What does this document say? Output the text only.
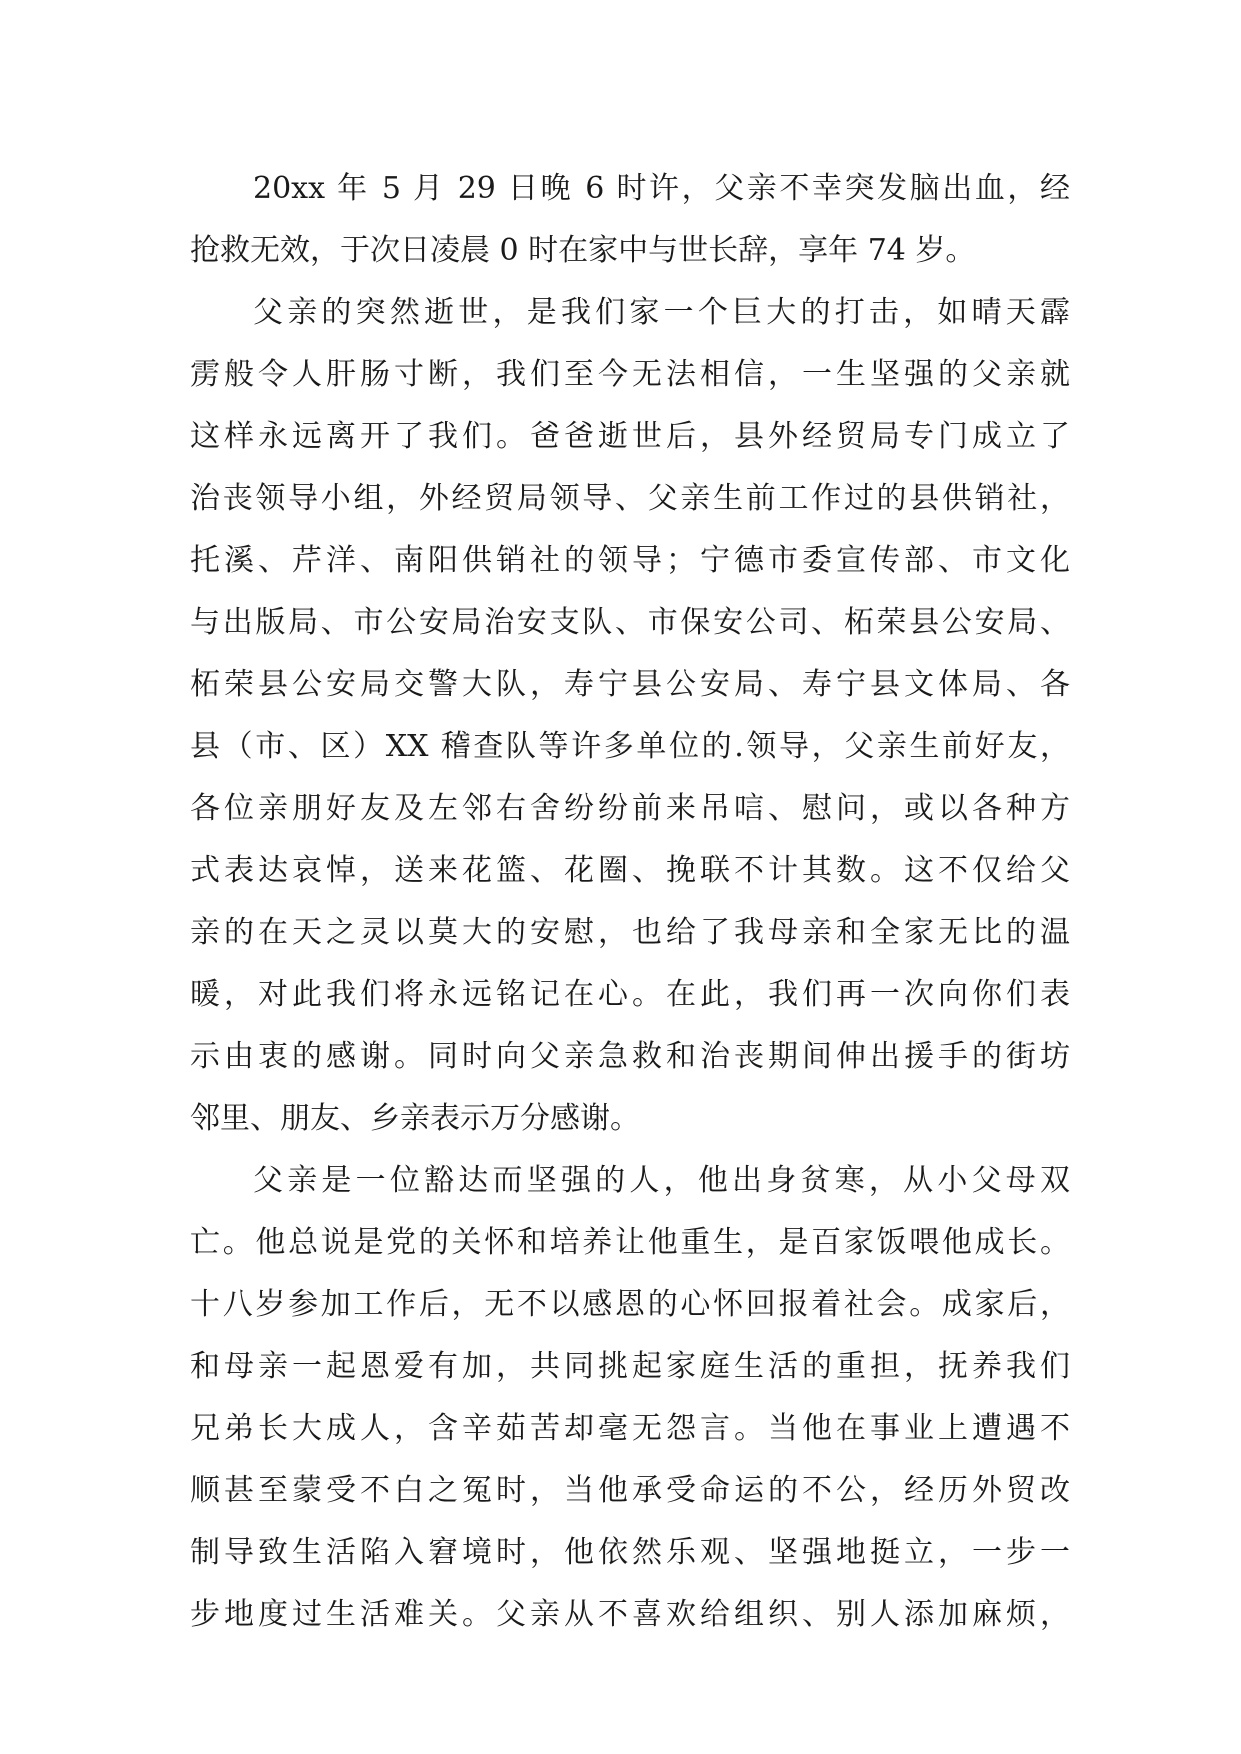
20xx 年 5 月 29 日晚 6 时许，父亲不幸突发脑出血，经
抢救无效，于次日凌晨 0 时在家中与世长辞，享年 74 岁。
父亲的突然逝世，是我们家一个巨大的打击，如晴天霹
雳般令人肝肠寸断，我们至今无法相信，一生坚强的父亲就
这样永远离开了我们。爸爸逝世后，县外经贸局专门成立了
治丧领导小组，外经贸局领导、父亲生前工作过的县供销社，
托溪、芹洋、南阳供销社的领导；宁德市委宣传部、市文化
与出版局、市公安局治安支队、市保安公司、柘荣县公安局、
柘荣县公安局交警大队，寿宁县公安局、寿宁县文体局、各
县（市、区）XX 稽查队等许多单位的.领导，父亲生前好友，
各位亲朋好友及左邻右舍纷纷前来吊唁、慰问，或以各种方
式表达哀悼，送来花篮、花圈、挽联不计其数。这不仅给父
亲的在天之灵以莫大的安慰，也给了我母亲和全家无比的温
暖，对此我们将永远铭记在心。在此，我们再一次向你们表
示由衷的感谢。同时向父亲急救和治丧期间伸出援手的街坊
邻里、朋友、乡亲表示万分感谢。
父亲是一位豁达而坚强的人，他出身贫寒，从小父母双
亡。他总说是党的关怀和培养让他重生，是百家饭喂他成长。
十八岁参加工作后，无不以感恩的心怀回报着社会。成家后，
和母亲一起恩爱有加，共同挑起家庭生活的重担，抚养我们
兄弟长大成人，含辛茹苦却毫无怨言。当他在事业上遭遇不
顺甚至蒙受不白之冤时，当他承受命运的不公，经历外贸改
制导致生活陷入窘境时，他依然乐观、坚强地挺立，一步一
步地度过生活难关。父亲从不喜欢给组织、别人添加麻烦，
